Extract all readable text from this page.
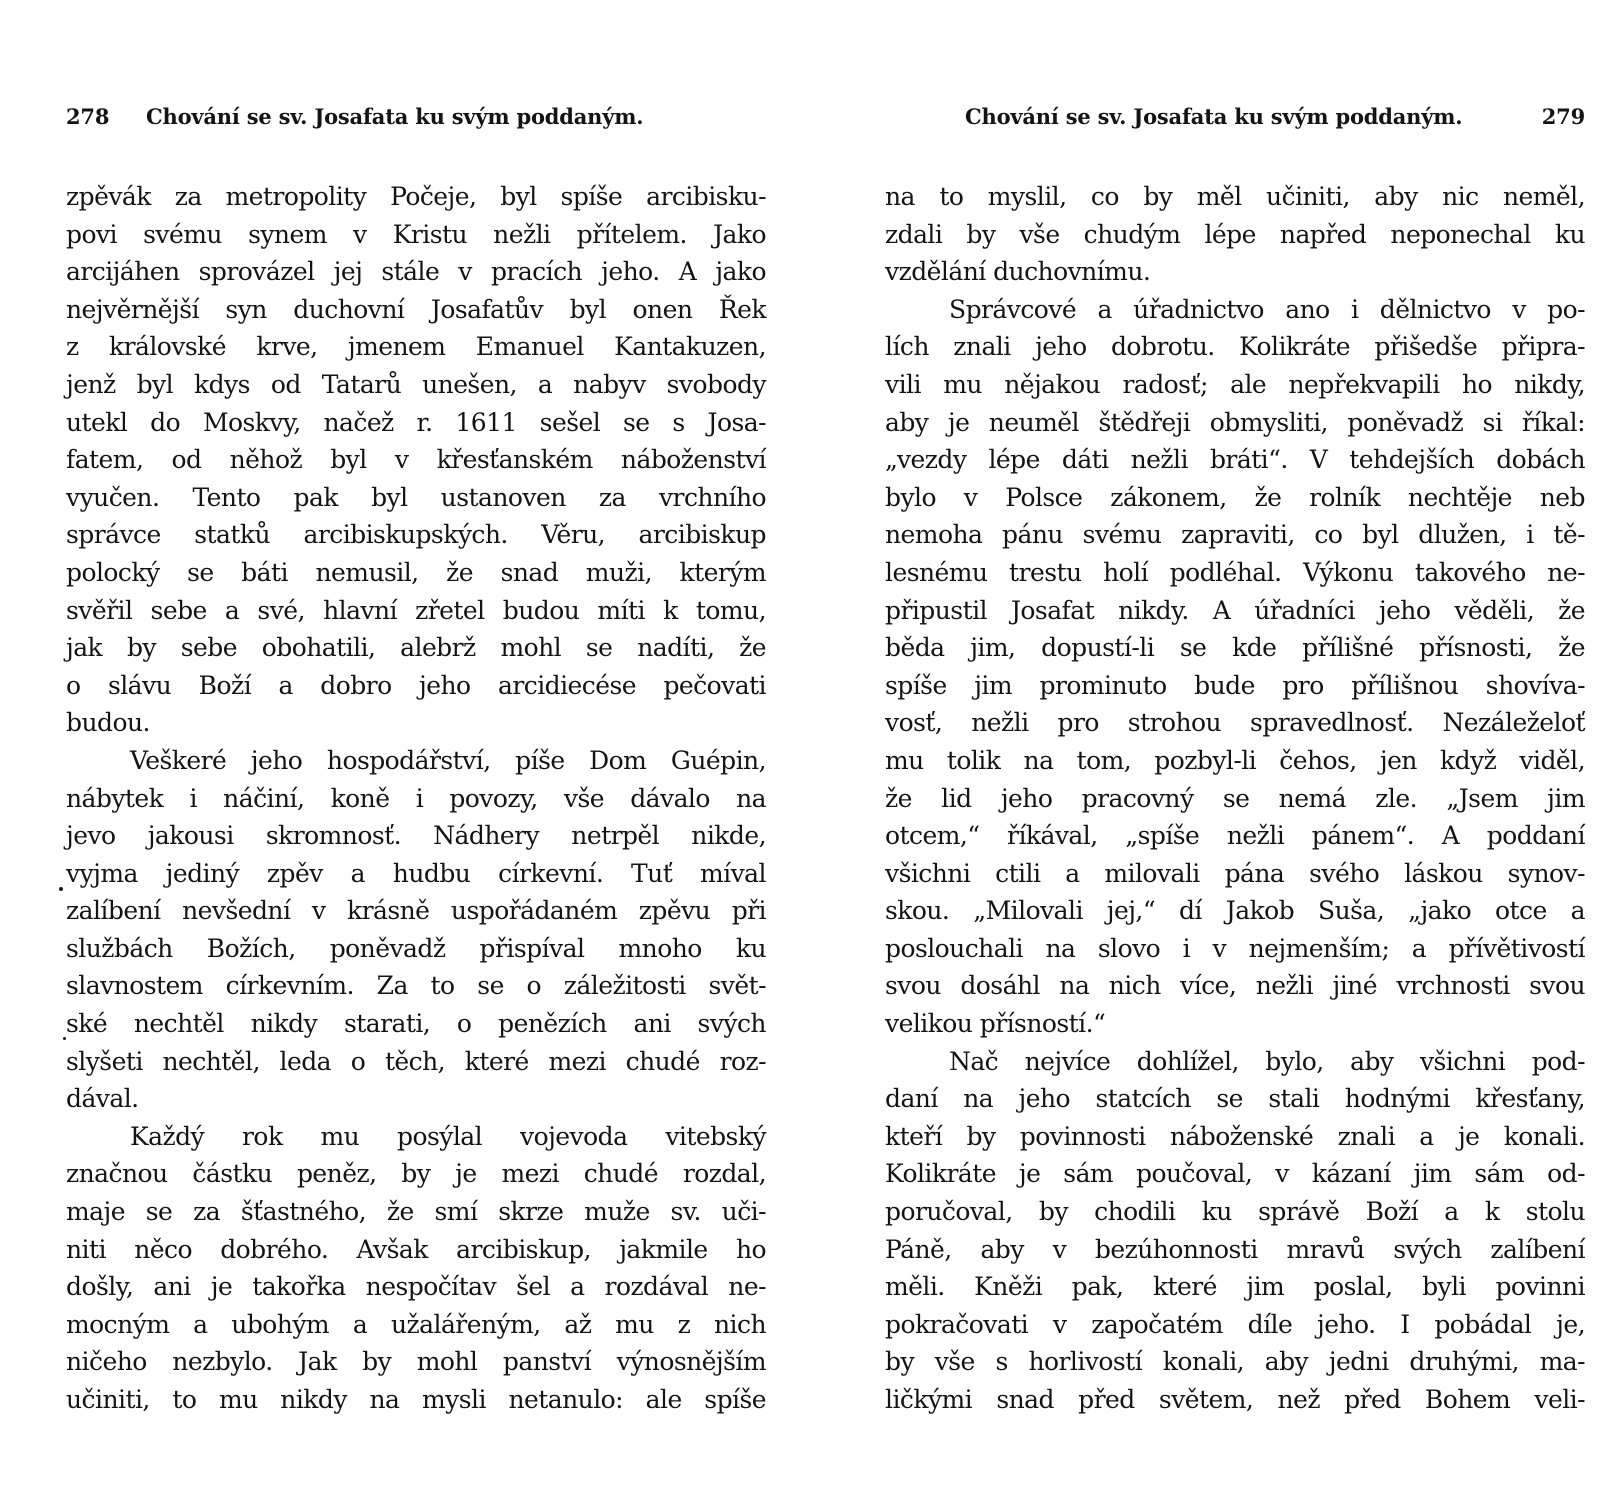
278 Chování se sv. Josafata ku svým poddaným.
zpěvák za metropolity Počeje, byl spíše arcibisku-
povi svému synem v Kristu nežli přítelem. Jako
arcijáhen sprovázel jej stále v pracích jeho. A jako
nejvěrnější syn duchovní Josafatův byl onen Řek
z královské krve, jmenem Emanuel Kantakuzen,
jenž byl kdys od Tatarů unešen, a nabyv svobody
utekl do Moskvy, načež r. 1611 sešel se s Josa-
fatem, od něhož byl v křesťanském náboženství
vyučen. Tento pak byl ustanoven za vrchního
správce statků arcibiskupských. Věru, arcibiskup
polocký se báti nemusil, že snad muži, kterým
svěřil sebe a své, hlavní zřetel budou míti k tomu,
jak by sebe obohatili, alebrž mohl se nadíti, že
o slávu Boží a dobro jeho arcidiecése pečovati
budou.
Veškeré jeho hospodářství, píše Dom Guépin,
nábytek i náčiní, koně i povozy, vše dávalo na
jevo jakousi skromnosť. Nádhery netrpěl nikde,
vyjma jediný zpěv a hudbu církevní. Tuť míval
zalíbení nevšední v krásně uspořádaném zpěvu při
službách Božích, poněvadž přispíval mnoho ku
slavnostem církevním. Za to se o záležitosti svět-
ské nechtěl nikdy starati, o penězích ani svých
slyšeti nechtěl, leda o těch, které mezi chudé roz-
dával.
Každý rok mu posýlal vojevoda vitebský
značnou částku peněz, by je mezi chudé rozdal,
maje se za šťastného, že smí skrze muže sv. uči-
niti něco dobrého. Avšak arcibiskup, jakmile ho
došly, ani je takořka nespočítav šel a rozdával ne-
mocným a ubohým a užalářeným, až mu z nich
ničeho nezbylo. Jak by mohl panství výnosnějším
učiniti, to mu nikdy na mysli netanulo: ale spíše
Chování se sv. Josafata ku svým poddaným.	279
na to myslil, co by měl učiniti, aby nic neměl,
zdali by vše chudým lépe napřed neponechal ku
vzdělání duchovnímu.
Správcové a úřadnictvo ano i dělnictvo v po-
lích znali jeho dobrotu. Kolikráte přišedše připra-
vili mu nějakou radosť; ale nepřekvapili ho nikdy,
aby je neuměl štědřeji obmysliti, poněvadž si říkal:
„vezdy lépe dáti nežli bráti“. V tehdejších dobách
bylo v Polsce zákonem, že rolník nechtěje neb
nemoha pánu svému zapraviti, co byl dlužen, i tě-
lesnému trestu holí podléhal. Výkonu takového ne-
připustil Josafat nikdy. A úřadníci jeho věděli, že
běda jim, dopustí-li se kde přílišné přísnosti, že
spíše jim prominuto bude pro přílišnou shovíva-
vosť, nežli pro strohou spravedlnosť. Nezáleželoť
mu tolik na tom, pozbyl-li čehos, jen když viděl,
že lid jeho pracovný se nemá zle. „Jsem jim
otcem,“ říkával, „spíše nežli pánem“. A poddaní
všichni ctili a milovali pána svého láskou synov-
skou. „Milovali jej,“ dí Jakob Suša, „jako otce a
poslouchali na slovo i v nejmenším; a přívětivostí
svou dosáhl na nich více, nežli jiné vrchnosti svou
velikou přísností.“
Nač nejvíce dohlížel, bylo, aby všichni pod-
daní na jeho statcích se stali hodnými křesťany,
kteří by povinnosti náboženské znali a je konali.
Kolikráte je sám poučoval, v kázaní jim sám od-
poručoval, by chodili ku správě Boží a k stolu
Páně, aby v bezúhonnosti mravů svých zalíbení
měli. Kněži pak, které jim poslal, byli povinni
pokračovati v započatém díle jeho. I pobádal je,
by vše s horlivostí konali, aby jedni druhými, ma-
ličkými snad před světem, než před Bohem veli-
